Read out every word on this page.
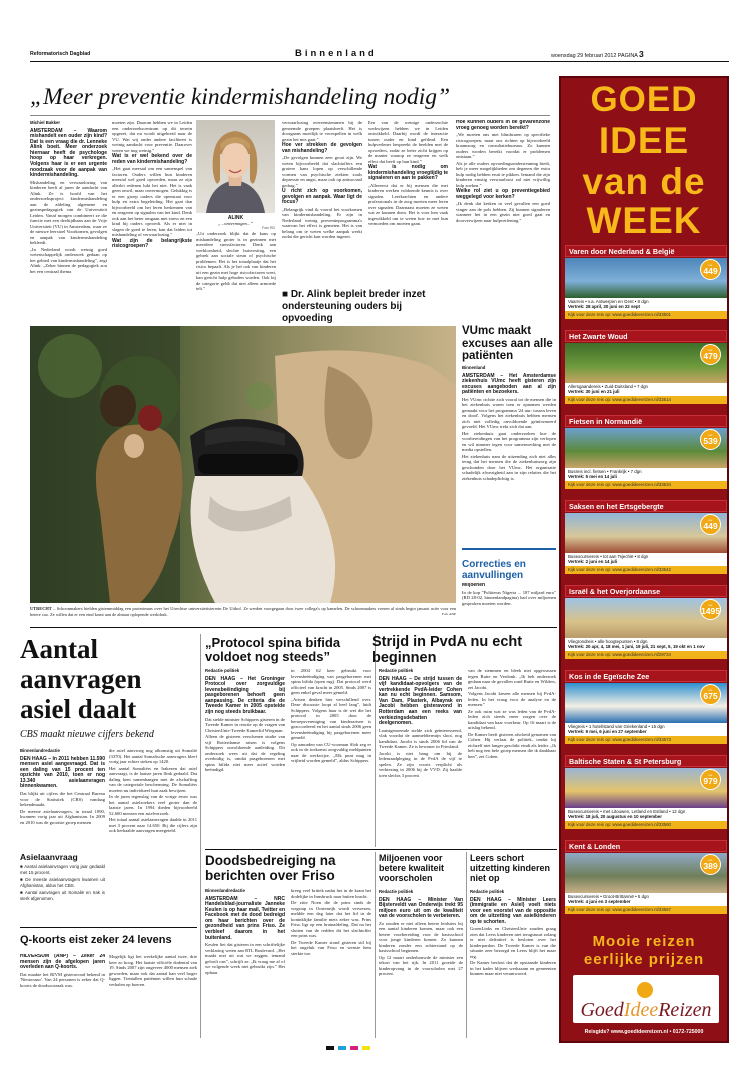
Reformatorisch Dagblad	Binnenland	woensdag 29 februari 2012 PAGINA 3
„Meer preventie kindermishandeling nodig”
Michiel Bakker

AMSTERDAM – Waarom mishandelt een ouder zijn kind? Dat is een vraag die dr. Lenneke Alink boeit. Meer onderzoek hiernaar heeft de psychologe hoop op haar verkregen. Volgens haar is er een urgente noodzaak voor de aanpak van kindermishandeling.

Mishandeling en verwaarlozing van kinderen heeft al jaren de aandacht van Alink. Ze is hoofd van het onderzoeksproject kindermishandeling aan de afdeling algemene en gezinspedagogiek van de Universiteit Leiden. Vanaf morgen combineert ze die functie met een deeltijdbaan aan de Vrije Universiteit (VU) in Amsterdam, waar ze de nieuwe leerstoel Voorkomen, gevolgen en aanpak van kindermishandeling bekleedt.

„In Nederland wordt weinig goed wetenschappelijk onderzoek gedaan op het gebied van kindermishandeling”, zegt Alink. „Zeker binnen de pedagogiek zou het een centraal thema

moeten zijn. Daarom hebben we in Leiden een onderzoekscentrum op dit terrein opgezet, dat nu wordt uitgebreid naar de VU. Wat wij onder andere faciliteert is weinig aandacht voor preventie. Daarover weten we nog weinig.”

Wat is er wel bekend over de reden van kindermishandeling?

„Het gaat meestal om een samenspel van factoren. Ouders willen hun kinderen meestal wel goed opvoeden, maar ze zijn allerlei redenen lukt het niet. Het is vaak geen onwil, maar onvermogen. Gelukkig is er een groep ouders die openstaat voor hulp en extra begeleiding. Het gaat dan bijvoorbeeld om het leren herkennen van en reageren op signalen van het kind. Denk ook aan het beter omgaan met stress en een kind bij ouders opvoedt. Als er niet in slagen de goed te leren, kan dat leiden tot mishandeling of verwaarlozing.”

Wat zijn de belangrijkste risicogroepen?

ALINK
„...onvermogen...”
Foto RD

„Uit onderzoek blijkt dat de kans op mishandeling groter is in gezinnen met meerdere stressfactoren. Denk aan werkloosheid, slechte huisvesting, een gebrek aan sociale steun of psychische problemen. Het is het totaalplaatje dat het risico bepaalt. Als je het ook van kinderen uit een gezin met hoge risicofactoren weet, kan gericht hulp geboden worden. Ook bij de categorie geldt dat niet alleen armoede telt.”

verwaarlozing overeenstemmen bij de genoemde groepen plaatsheeft. Het is doorgaans moeilijk te voorspellen in welk gezin het mis gaat.”

Hoe ver strekken de gevolgen van mishandeling?

„De gevolgen kunnen zeer groot zijn. We weten bijvoorbeeld dat slachtoffers een grotere kans lopen op verschillende vormen van psychische ziekten zoals depressie en angst, maar ook op antisociaal gedrag.”

U richt zich op voorkomen, gevolgen en aanpak. Waar ligt de focus?

„Belangrijk vind ik vooral het voorkomen van kindermishandeling. Er zijn in Nederland weinig preventieprogramma's waarvan het effect is gemeten. Het is van belang om te weten welke aanpak werkt zodat die gericht kan worden ingezet.

Een van de weinige onderzochte werkwijzen hebben we in Leiden ontwikkeld. Daarbij wordt de interactie tussen ouder en kind gefilmd. Een hulpverlener bespreekt de beelden met de opvoeders, zodat ze beter zicht krijgen op de manier waarop ze reageren en welk effect dat heeft op hun kind.”

Wat is nodig om kindermishandeling vroegtijdig te signaleren en aan te pakken?

„Allereerst dat er bij mensen die met kinderen werken voldoende kennis is over signalen. Leerkrachten en andere professionals in de zorg moeten meer leren over signalen. Daarnaast moeten ze weten wat ze kunnen doen. Het is voor hen vaak ingewikkeld om te weten hoe ze met hun vermoeden om moeten gaan.

Hoe kunnen ouders in de gevarenzone vroeg genoeg worden bereikt?

„We moeten ons niet blindstaren op specifieke risicogroepen, maar ons richten op bijvoorbeeld kraamzorg en consultatiebureaus. Zo kunnen ouders worden bereikt voordat er problemen ontstaan.”

Als je alle ouders opvoedingsondersteuning biedt, heb je meer mogelijkheden om degenen die extra hulp nodig hebben eruit te pikken. Iemand die zijn kinderen ernstig verwaarloost zal niet vrijwillig hulp zoeken.”

Welke rol ziet u op preventiegebied weggelegd voor kerken?

„Ik denk dat kerken in veel gevallen een goed vinger aan de pols hebben. Zij kunnen signaleren wanneer het in een gezin niet goed gaat en doorverwijzen naar hulpverlening.”

■ Dr. Alink bepleit breder inzet ondersteuning ouders bij opvoeding
UTRECHT – Schoonmakers hielden gisternmiddag een protestmars over het Utrechtse universiteitsterrein De Uithof. Ze werden voorgegaan door twee collega's op kamelen. De schoonmakers voeren al sinds begin januari actie voor een betere cao. Ze willen dat er een eind komt aan de almaar oplopende werkdruk.	Foto ANP
VUmc maakt excuses aan alle patiënten
Binnenland

AMSTERDAM – Het Amsterdamse ziekenhuis VUmc heeft gisteren zijn excuses aangeboden aan al zijn patiënten en bezoekers.

Het VUmc richtte zich vooral tot de mensen die in het ziekenhuis waren toen er opnamen werden gemaakt voor het programma '24 uur: tussen leven en dood'. Volgens het ziekenhuis hebben mensen zich niet volledig onvoldoende geïnformeerd gevoeld. Het VUmc trekt zich dat aan.

Het ziekenhuis gaat onderzoeken hoe de voorbereidingen van het programma zijn verlopen en wil nimmer tegen voor samenwerking met de media opstellen.

Het ziekenhuis nam de uitzending zich niet alles terug dat het mensen die de ziekenhuiszorg zijn geschonden door het VUmc. Het organisatie schadelijk afwezigheid aan in zijn relaties die het ziekenhuis schadeplichtig is.

Correcties en aanvullingen

Miljoenen

In de kop "Politieras Nigeria ... 187 miljard euro" (RD 28-02, binnenlandpagina) had over miljoenen gesproken moeten worden.

Aantal aanvragen asiel daalt
CBS maakt nieuwe cijfers bekend
Binnenlandredactie

DEN HAAG – In 2011 hebben 11.590 mensen asiel aangevraagd. Dat is een daling van 15 procent ten opzichte van 2010, toen er nog 13.340 asielaanvragen binnenkwamen.

Dat blijkt uit cijfers die het Centraal Bureau voor de Statistiek (CBS) vandaag bekendmaakt.

De meeste asielaanvragers, in totaal 1890, kwamen vorig jaar uit Afghanistan. In 2009 en 2010 was de grootste groep mensen

die asiel aanvroeg nog afkomstig uit Somalië (3370). Het aantal Somalische aanvragers bleef vorig jaar echter steken op 1420.

Het aantal Somaliërs en Irakezen dat asiel aanvraagt, is de laatste jaren flink gedaald. Dat daling kent samenhangen met de afschaffing van de categoriale bescherming. De Somaliërs moeten nu individueel hun zaak bewijzen.

In de jaren tegenslag van de vorige eeuw was het aantal asielzoekers veel groter dan de laatste jaren. In 1994 dieden bijvoorbeeld 52.600 mensen een asielverzoek.

Het totaal aantal asielaanvragen daalde in 2011 met 3 procent naar 14.650. Bij die cijfers zijn ook herhaalde aanvragen meegeteld.

Asielaanvraag
■ Aantal asielaanvragen vorig jaar gedaald met 15 procent.
■ De meeste asielaanvragers kwamen uit Afghanistan, aldus het CBS.
■ Aantal aanvragen uit Somalië en Irak is sterk afgenomen.
Q-koorts eist zeker 24 levens

HILVERSUM (ANP) – Zeker 24 mensen zijn de afgelopen jaren overleden aan Q-koorts.

Dat maakte het RIVM gisteravond bekend in 'Nieuwsuur'. Van 24 personen is zeker dat Q-koorts de doodsoorzaak was.

Mogelijk ligt het werkelijke aantal twee, drie keer zo hoog. Het laatste officiële dodental van 19. Sinds 2007 zijn ongeveer 4000 mensen ziek geworden, maar ook dat aantal kan veel hoger liggen. Tientallen patiënten willen hun schade verhalen op boeren.

„Protocol spina bifida voldoet nog steeds”
Redactie politiek

DEN HAAG – Het Groninger Protocol over zorgvuldige levensbeëindiging bij pasgeborenen behoeft geen aanpassing. De criteria die de Tweede Kamer in 2005 opstelde zijn nog steeds bruikbaar.

Dat stelde minister Schippers gisteren in de Tweede Kamer in reactie op de vragen van ChristenUnie-Tweede Kamerlid Wiegman.

Alleen de gisteren verschenen studie van vijf Rotterdamse artsen is volgens Schippers onvoldoende aanleiding. Dit onderzoek wees uit dat de regeling overbodig is, omdat pasgeborenen met spina bifida niet meer actief worden beëindigd.

in 2004 62 keer gebruikt voor levensbeëindiging van pasgeborenen met spina bifida (open rug). Dat protocol werd officieel van kracht in 2005. Sinds 2007 is geen enkel geval meer gemeld.

„Artsen denken hier verschillend over. Deze discussie loopt al heel lang”, luidt Schippers. Volgens haar is de wet die het protocol in 2005 door de beroepsvereniging van kinderartsen is geaccordeerd en het aantal sinds 2006 geen levensbeëindiging bij pasgeborenen meer gemeld.

Op aanraden van CU-voorman Slob zeg er ook in de toekomst zorgvuldig meldpunten naar de werkwijze. „Elk punt mag in vrijheid worden gemeld”, aldus Schippers.

Strijd in PvdA nu echt beginnen
Redactie politiek

DEN HAAG – De strijd tussen de vijf kandidaat-opvolgers van de vertrekkende PvdA-leider Cohen kan nu echt beginnen. Samsom, Van Dam, Plasterk, Albayrak en Jacobi hebben gisteravond in Rotterdam aan een reeks van verkiezingsdebatten deelgenomen.

Laatstgenoemde stelde zich geïnteresseerd, vlak voordat de aanmeldtermijn sloot, nog kandidaat. Jacobi is sinds 2006 lid van de Tweede Kamer. Ze is bewoner in Friesland.

Jacobi is niet bang om bij de ledenraadpleging in de PvdA de vijf te spelen. Ze zijn voorts verplicht als verkiezing in 2006 bij de VVD. Zij haalde toen slechts 3 procent

van de stemmen en bleek niet opgewassen tegen Rutte en Verdonk. „Ik heb onderzoek gedaan naar de gevallen rond Rutte en Wilders, zei Jacobi.

Volgens Jacobi kiezen alle mensen bij PvdA-leden. In het vraag voor de analyse en de mensen.”

Ze ook ruim wat ze was leden van de PvdA-leden zich steeds meer zorgen over de kandidaat van haar voorkeur. Op 16 maart is de uitslag bekend.

De Kamer heeft gisteren afscheid genomen van Cohen. Hij verlaat de politiek, omdat hij zichzelf niet langer geschikt vindt als leider. „Ik heb nog een hele groep mensen die ik dankbaar ben”, zei Cohen.

Doodsbedreiging na berichten over Friso
Binnenlandredactie

AMSTERDAM – NRC Handelsblad-journaliste Janneke Keulen is op haar mail, Twitter en Facebook met de dood bedreigd om haar berichten over de gezondheid van prins Friso. Ze verbleef daarom in het buitenland.

Keulen liet dat gisteren in een schriftelijke verklaring weten aan RTL Boulevard. „Het maakt niet uit wat we zeggen, iemand gelooft ons”, schrijft ze. „Ik vraag me af of we volgende week niet gebruikt zijn.” Het ophaar

kreeg veel kritiek nadat het in de krant het dodelijke in Innsbruck naar buiten bracht.

De zitte Noen die de prins sinds de wegstap in Oostenrijk wordt verwezen, meldde een dag later dat het lid in de koninklijke familie niets zeker was. Prins Friso ligt op een brainafdeling. Dat na het sluiten van de redden dit het slachtoffer een prins was.

De Tweede Kamer stond gisteren stil bij het ongeluk van Friso en wenste hem sterkte toe.

Miljoenen voor betere kwaliteit voorscholen
Redactie politiek

DEN HAAG – Minister Van Bijsterveldt van Onderwijs trekt 95 miljoen euro uit om de kwaliteit van de voorscholen te verbeteren.

Zo zouden er niet alleen betere leidsters bij een aantal kinderen komen, maar ook een betere voorbereiding voor de basisschool voor jonge kinderen komen. Zo kunnen kinderen zonder een achterstand op de basisschool beginnen.

Op 12 maart onderbouwde de minister een tekort van het rijk. In 2011 groeide de kinderopvang in de voorscholen met 27 procent.

Leers schort uitzetting kinderen niet op
Redactie politiek

DEN HAAG – Minister Leers (Immigratie en Asiel) voelt niets voor een voorstel van de oppositie om de uitzetting van asielkinderen op te schorten.

GroenLinks en ChristenUnie zouden graag zien dat Leers kinderen niet terugstuurt zolang er niet definitief is besloten over het kinderpardon. De Tweede Kamer is van die situatie zeer bezorgd en Leers blijft het maar erg.

De Kamer besloot dat de opstaande kinderen in het kader blijven werkzaam en gemeenten kunnen maar niet verantwoord.

GOED
IDEE
van de
WEEK
Varen door Nederland & België
v.a.
449
Vaarreis • v.a. Antwerpen en Gent • 8 dgn
Vertrek: 28 april, 30 juni en 22 sept
Kijk voor deze reis op: www.goedideereizen.nl/33501
Het Zwarte Woud
v.a.
479
Allersgaandereis • Zuid-Duitsland • 7 dgn
Vertrek: 30 juni en 21 juli
Kijk voor deze reis op: www.goedideereizen.nl/33514
Fietsen in Normandië
v.a.
539
Busreis incl. fietsen • Frankrijk • 7 dgn
Vertrek: 5 mei en 14 juli
Kijk voor deze reis op: www.goedideereizen.nl/33534
Saksen en het Ertsgebergte
v.a.
449
Busexcursiereis • tot aan Tsjechië • 8 dgn
Vertrek: 2 juni en 14 juli
Kijk voor deze reis op: www.goedideereizen.nl/33542
Israël & het Overjordaanse
v.a.
1495
Vliegrondreis • alle hoogtepunten • 8 dgn
Vertrek: 20 apr, 4, 18 mei, 1 juni, 19 juli, 21 sept, 5, 19 okt en 1 nov
Kijk voor deze reis op: www.goedideereizen.nl/29734
Kos in de Egeïsche Zee
v.a.
675
Vliegreis • 1 hotel/stand van Griekenland • 15 dgn
Vertrek: 9 mei, 6 juni en 27 september
Kijk voor deze reis op: www.goedideereizen.nl/33573
Baltische Staten & St Petersburg
v.a.
979
Busexcursiereis • met Litouwen, Letland en Estland • 12 dgn
Vertrek: 18 juli, 20 augustus en 10 september
Kijk voor deze reis op: www.goedideereizen.nl/33560
Kent & Londen
v.a.
389
Busexcursiereis • Groot-Brittannië • 5 dgn
Vertrek: 4 juni en 3 september
Kijk voor deze reis op: www.goedideereizen.nl/33567
Mooie reizen
eerlijke prijzen
GoedIdeeReizen
Reisgids? www.goedideereizen.nl • 0172-725000
